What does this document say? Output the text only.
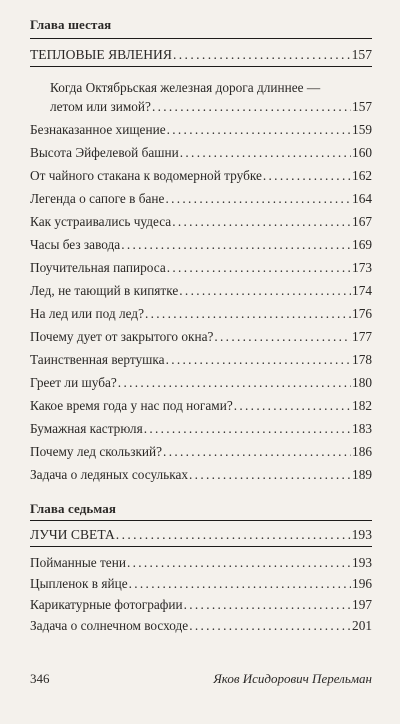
Глава шестая
ТЕПЛОВЫЕ ЯВЛЕНИЯ . . .	157
Когда Октябрьская железная дорога длиннее —
летом или зимой? . . .	157
Безнаказанное хищение . . .	159
Высота Эйфелевой башни . . .	160
От чайного стакана к водомерной трубке . . .	162
Легенда о сапоге в бане . . .	164
Как устраивались чудеса . . .	167
Часы без завода . . .	169
Поучительная папироса . . .	173
Лед, не тающий в кипятке . . .	174
На лед или под лед? . . .	176
Почему дует от закрытого окна? . . .	177
Таинственная вертушка . . .	178
Греет ли шуба? . . .	180
Какое время года у нас под ногами? . . .	182
Бумажная кастрюля . . .	183
Почему лед скользкий? . . .	186
Задача о ледяных сосульках . . .	189
Глава седьмая
ЛУЧИ СВЕТА . . .	193
Пойманные тени . . .	193
Цыпленок в яйце . . .	196
Карикатурные фотографии . . .	197
Задача о солнечном восходе . . .	201
346	Яков Исидорович Перельман
